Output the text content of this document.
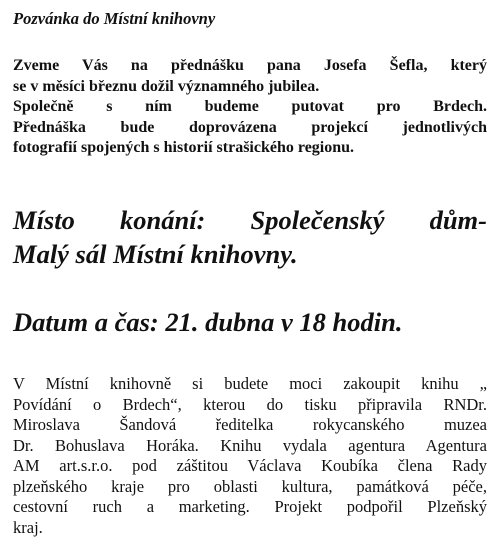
Pozvánka do Místní knihovny
Zveme Vás na přednášku pana Josefa Šefla, který
se v měsíci březnu dožil významného jubilea.
Společně s ním budeme putovat pro Brdech.
Přednáška bude doprovázena projekcí jednotlivých
fotografií spojených s historií strašického regionu.
Místo konání: Společenský dům-
Malý sál Místní knihovny.
Datum a čas: 21. dubna v 18 hodin.
V Místní knihovně si budete moci zakoupit knihu „
Povídání o Brdech“, kterou do tisku připravila RNDr.
Miroslava Šandová ředitelka rokycanského muzea
Dr. Bohuslava Horáka. Knihu vydala agentura Agentura
AM art.s.r.o. pod záštitou Václava Koubíka člena Rady
plzeňského kraje pro oblasti kultura, památková péče,
cestovní ruch a marketing. Projekt podpořil Plzeňský
kraj.
